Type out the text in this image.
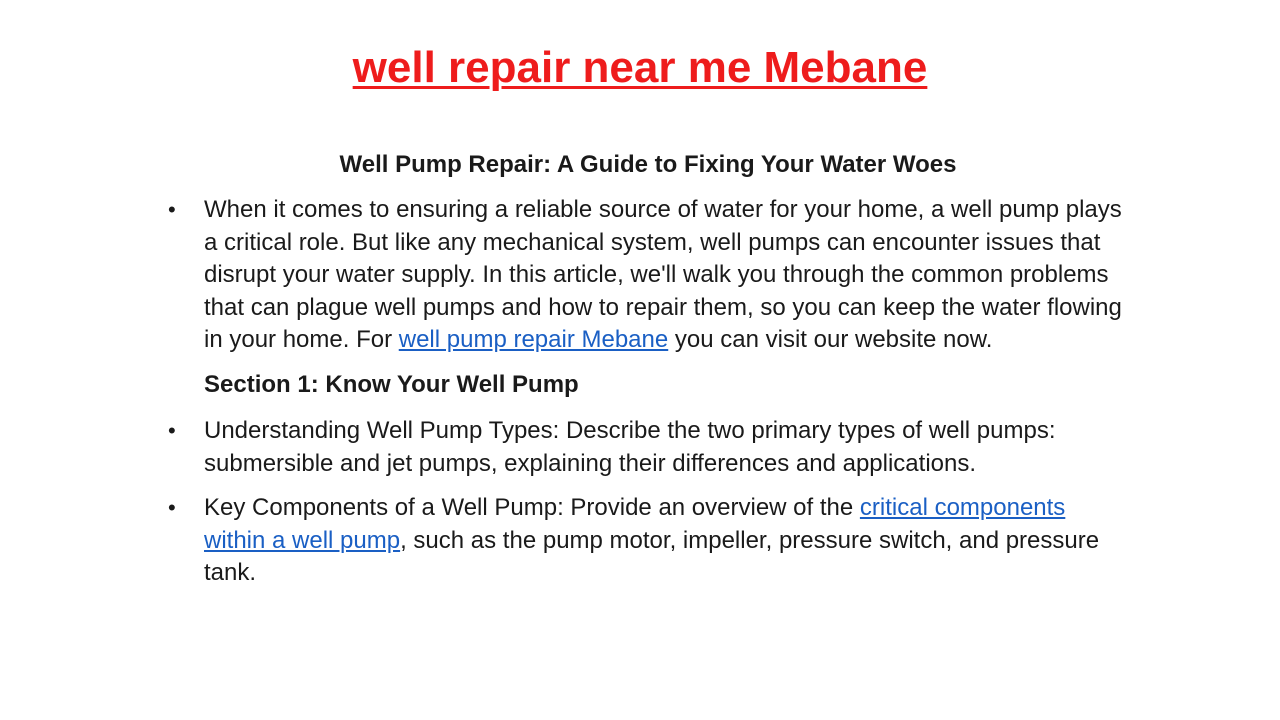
well repair near me Mebane
Well Pump Repair: A Guide to Fixing Your Water Woes
•	When it comes to ensuring a reliable source of water for your home, a well pump plays a critical role. But like any mechanical system, well pumps can encounter issues that disrupt your water supply. In this article, we'll walk you through the common problems that can plague well pumps and how to repair them, so you can keep the water flowing in your home. For well pump repair Mebane you can visit our website now.
Section 1: Know Your Well Pump
•	Understanding Well Pump Types: Describe the two primary types of well pumps: submersible and jet pumps, explaining their differences and applications.
•	Key Components of a Well Pump: Provide an overview of the critical components within a well pump, such as the pump motor, impeller, pressure switch, and pressure tank.
